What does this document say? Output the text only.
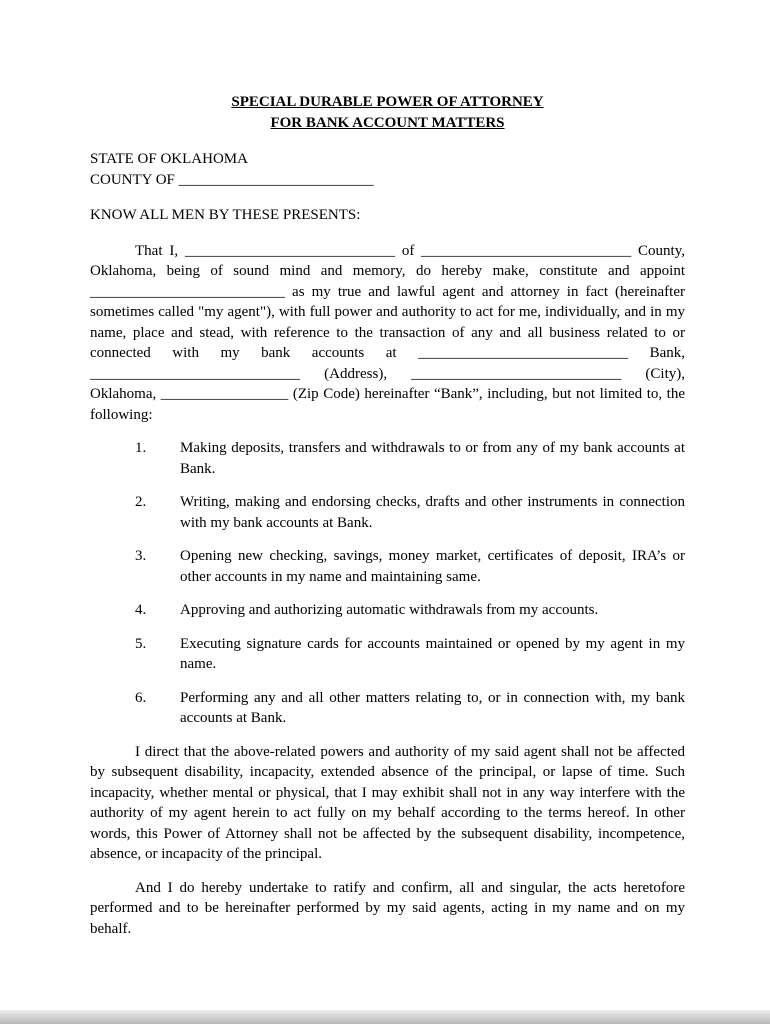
SPECIAL DURABLE POWER OF ATTORNEY
FOR BANK ACCOUNT MATTERS
STATE OF OKLAHOMA
COUNTY OF __________________________
KNOW ALL MEN BY THESE PRESENTS:

That I, ____________________________ of ____________________________ County, Oklahoma, being of sound mind and memory, do hereby make, constitute and appoint __________________________ as my true and lawful agent and attorney in fact (hereinafter sometimes called "my agent"), with full power and authority to act for me, individually, and in my name, place and stead, with reference to the transaction of any and all business related to or connected with my bank accounts at ____________________________ Bank, ____________________________ (Address), ____________________________ (City), Oklahoma, _________________ (Zip Code) hereinafter “Bank”, including, but not limited to, the following:

1.	Making deposits, transfers and withdrawals to or from any of my bank accounts at Bank.
2.	Writing, making and endorsing checks, drafts and other instruments in connection with my bank accounts at Bank.
3.	Opening new checking, savings, money market, certificates of deposit, IRA’s or other accounts in my name and maintaining same.
4.	Approving and authorizing automatic withdrawals from my accounts.
5.	Executing signature cards for accounts maintained or opened by my agent in my name.
6.	Performing any and all other matters relating to, or in connection with, my bank accounts at Bank.

I direct that the above-related powers and authority of my said agent shall not be affected by subsequent disability, incapacity, extended absence of the principal, or lapse of time. Such incapacity, whether mental or physical, that I may exhibit shall not in any way interfere with the authority of my agent herein to act fully on my behalf according to the terms hereof. In other words, this Power of Attorney shall not be affected by the subsequent disability, incompetence, absence, or incapacity of the principal.

And I do hereby undertake to ratify and confirm, all and singular, the acts heretofore performed and to be hereinafter performed by my said agents, acting in my name and on my behalf.
